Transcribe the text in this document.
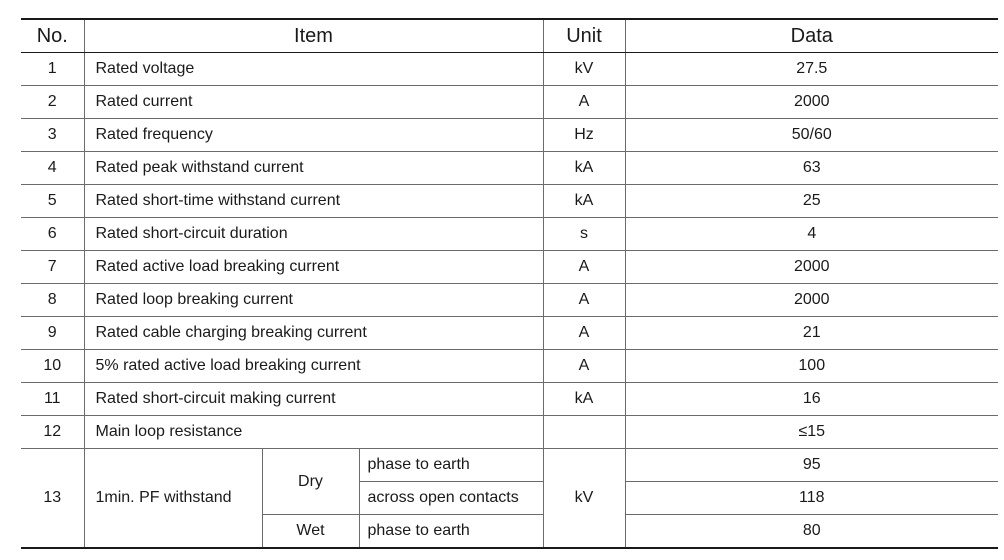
No.	Item			Unit	Data
1	Rated voltage			kV	27.5
2	Rated current			A	2000
3	Rated frequency			Hz	50/60
4	Rated peak withstand current			kA	63
5	Rated short-time withstand current			kA	25
6	Rated short-circuit duration			s	4
7	Rated active load breaking current			A	2000
8	Rated loop breaking current			A	2000
9	Rated cable charging breaking current			A	21
10	5% rated active load breaking current			A	100
11	Rated short-circuit making current			kA	16
12	Main loop resistance				≤15
13	1min. PF withstand	Dry	phase to earth	kV	95
			across open contacts		118
		Wet	phase to earth		80
